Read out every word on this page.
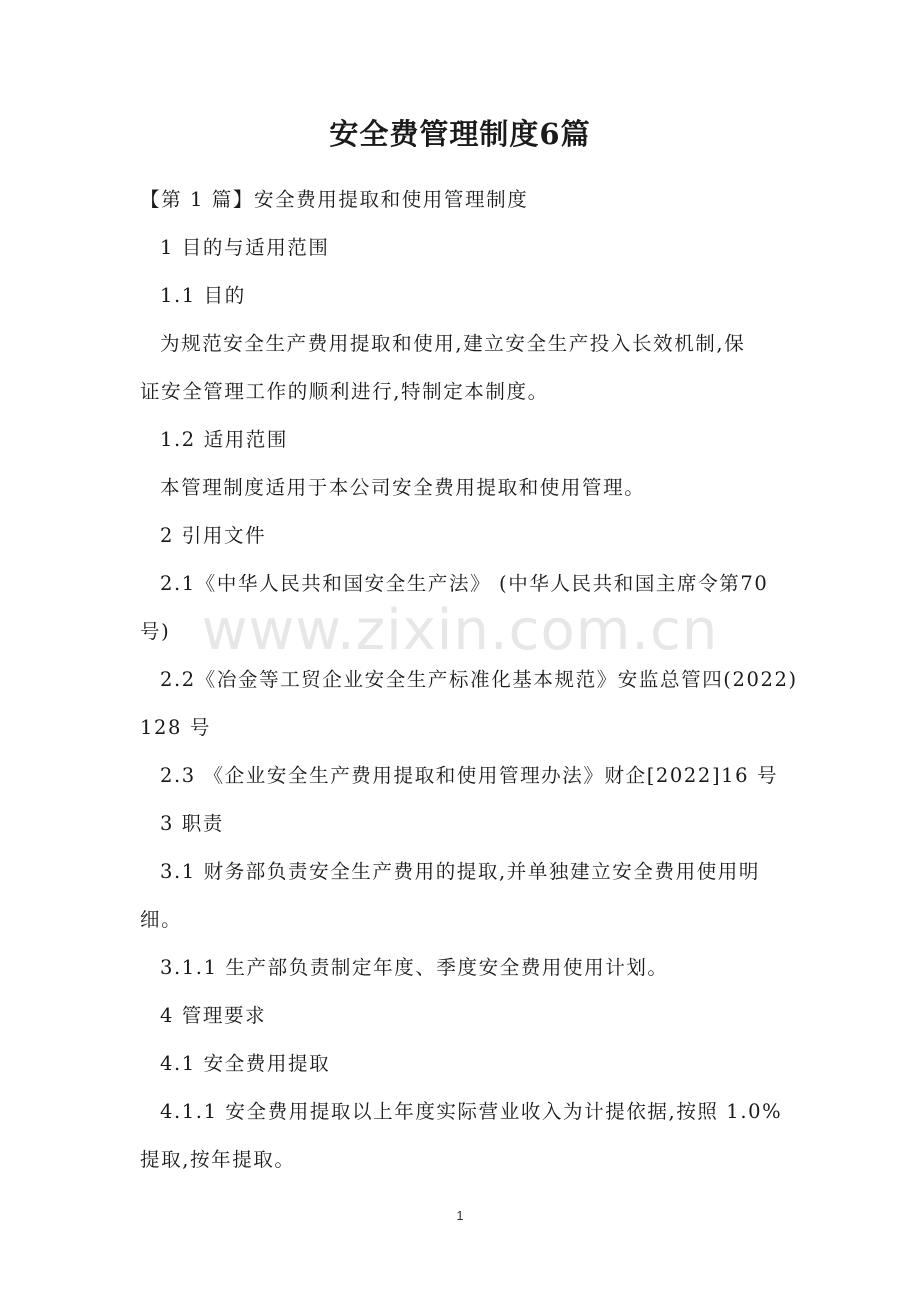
安全费管理制度6篇

【第 1 篇】安全费用提取和使用管理制度

1 目的与适用范围

1.1 目的

为规范安全生产费用提取和使用,建立安全生产投入长效机制,保

证安全管理工作的顺利进行,特制定本制度。

1.2 适用范围

本管理制度适用于本公司安全费用提取和使用管理。

2 引用文件

2.1《中华人民共和国安全生产法》 (中华人民共和国主席令第70

号)

2.2《冶金等工贸企业安全生产标准化基本规范》安监总管四(2022)

128 号

2.3 《企业安全生产费用提取和使用管理办法》财企[2022]16 号

3 职责

3.1 财务部负责安全生产费用的提取,并单独建立安全费用使用明

细。

3.1.1 生产部负责制定年度、季度安全费用使用计划。

4 管理要求

4.1 安全费用提取

4.1.1 安全费用提取以上年度实际营业收入为计提依据,按照 1.0%

提取,按年提取。

www.zixin.com.cn
1
